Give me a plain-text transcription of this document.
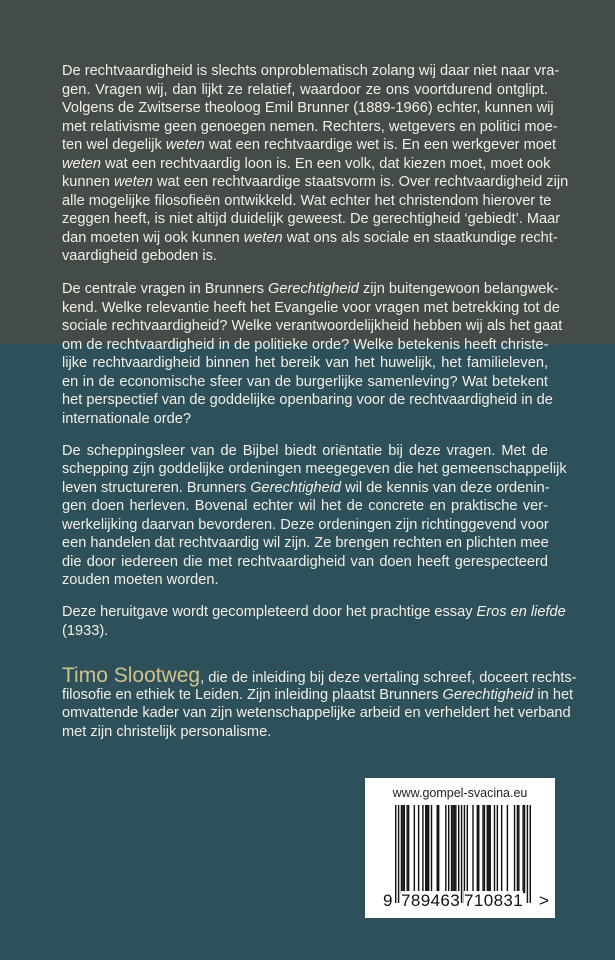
De rechtvaardigheid is slechts onproblematisch zolang wij daar niet naar vra-
gen. Vragen wij, dan lijkt ze relatief, waardoor ze ons voortdurend ontglipt.
Volgens de Zwitserse theoloog Emil Brunner (1889-1966) echter, kunnen wij
met relativisme geen genoegen nemen. Rechters, wetgevers en politici moe-
ten wel degelijk weten wat een rechtvaardige wet is. En een werkgever moet
weten wat een rechtvaardig loon is. En een volk, dat kiezen moet, moet ook
kunnen weten wat een rechtvaardige staatsvorm is. Over rechtvaardigheid zijn
alle mogelijke filosofieën ontwikkeld. Wat echter het christendom hierover te
zeggen heeft, is niet altijd duidelijk geweest. De gerechtigheid ‘gebiedt’. Maar
dan moeten wij ook kunnen weten wat ons als sociale en staatkundige recht-
vaardigheid geboden is.
De centrale vragen in Brunners Gerechtigheid zijn buitengewoon belangwek-
kend. Welke relevantie heeft het Evangelie voor vragen met betrekking tot de
sociale rechtvaardigheid? Welke verantwoordelijkheid hebben wij als het gaat
om de rechtvaardigheid in de politieke orde? Welke betekenis heeft christe-
lijke rechtvaardigheid binnen het bereik van het huwelijk, het familieleven,
en in de economische sfeer van de burgerlijke samenleving? Wat betekent
het perspectief van de goddelijke openbaring voor de rechtvaardigheid in de
internationale orde?
De scheppingsleer van de Bijbel biedt oriëntatie bij deze vragen. Met de
schepping zijn goddelijke ordeningen meegegeven die het gemeenschappelijk
leven structureren. Brunners Gerechtigheid wil de kennis van deze ordenin-
gen doen herleven. Bovenal echter wil het de concrete en praktische ver-
werkelijking daarvan bevorderen. Deze ordeningen zijn richtinggevend voor
een handelen dat rechtvaardig wil zijn. Ze brengen rechten en plichten mee
die door iedereen die met rechtvaardigheid van doen heeft gerespecteerd
zouden moeten worden.
Deze heruitgave wordt gecompleteerd door het prachtige essay Eros en liefde
(1933).
Timo Slootweg, die de inleiding bij deze vertaling schreef, doceert rechts-
filosofie en ethiek te Leiden. Zijn inleiding plaatst Brunners Gerechtigheid in het
omvattende kader van zijn wetenschappelijke arbeid en verheldert het verband
met zijn christelijk personalisme.
www.gompel-svacina.eu
9 789463 710831 >
